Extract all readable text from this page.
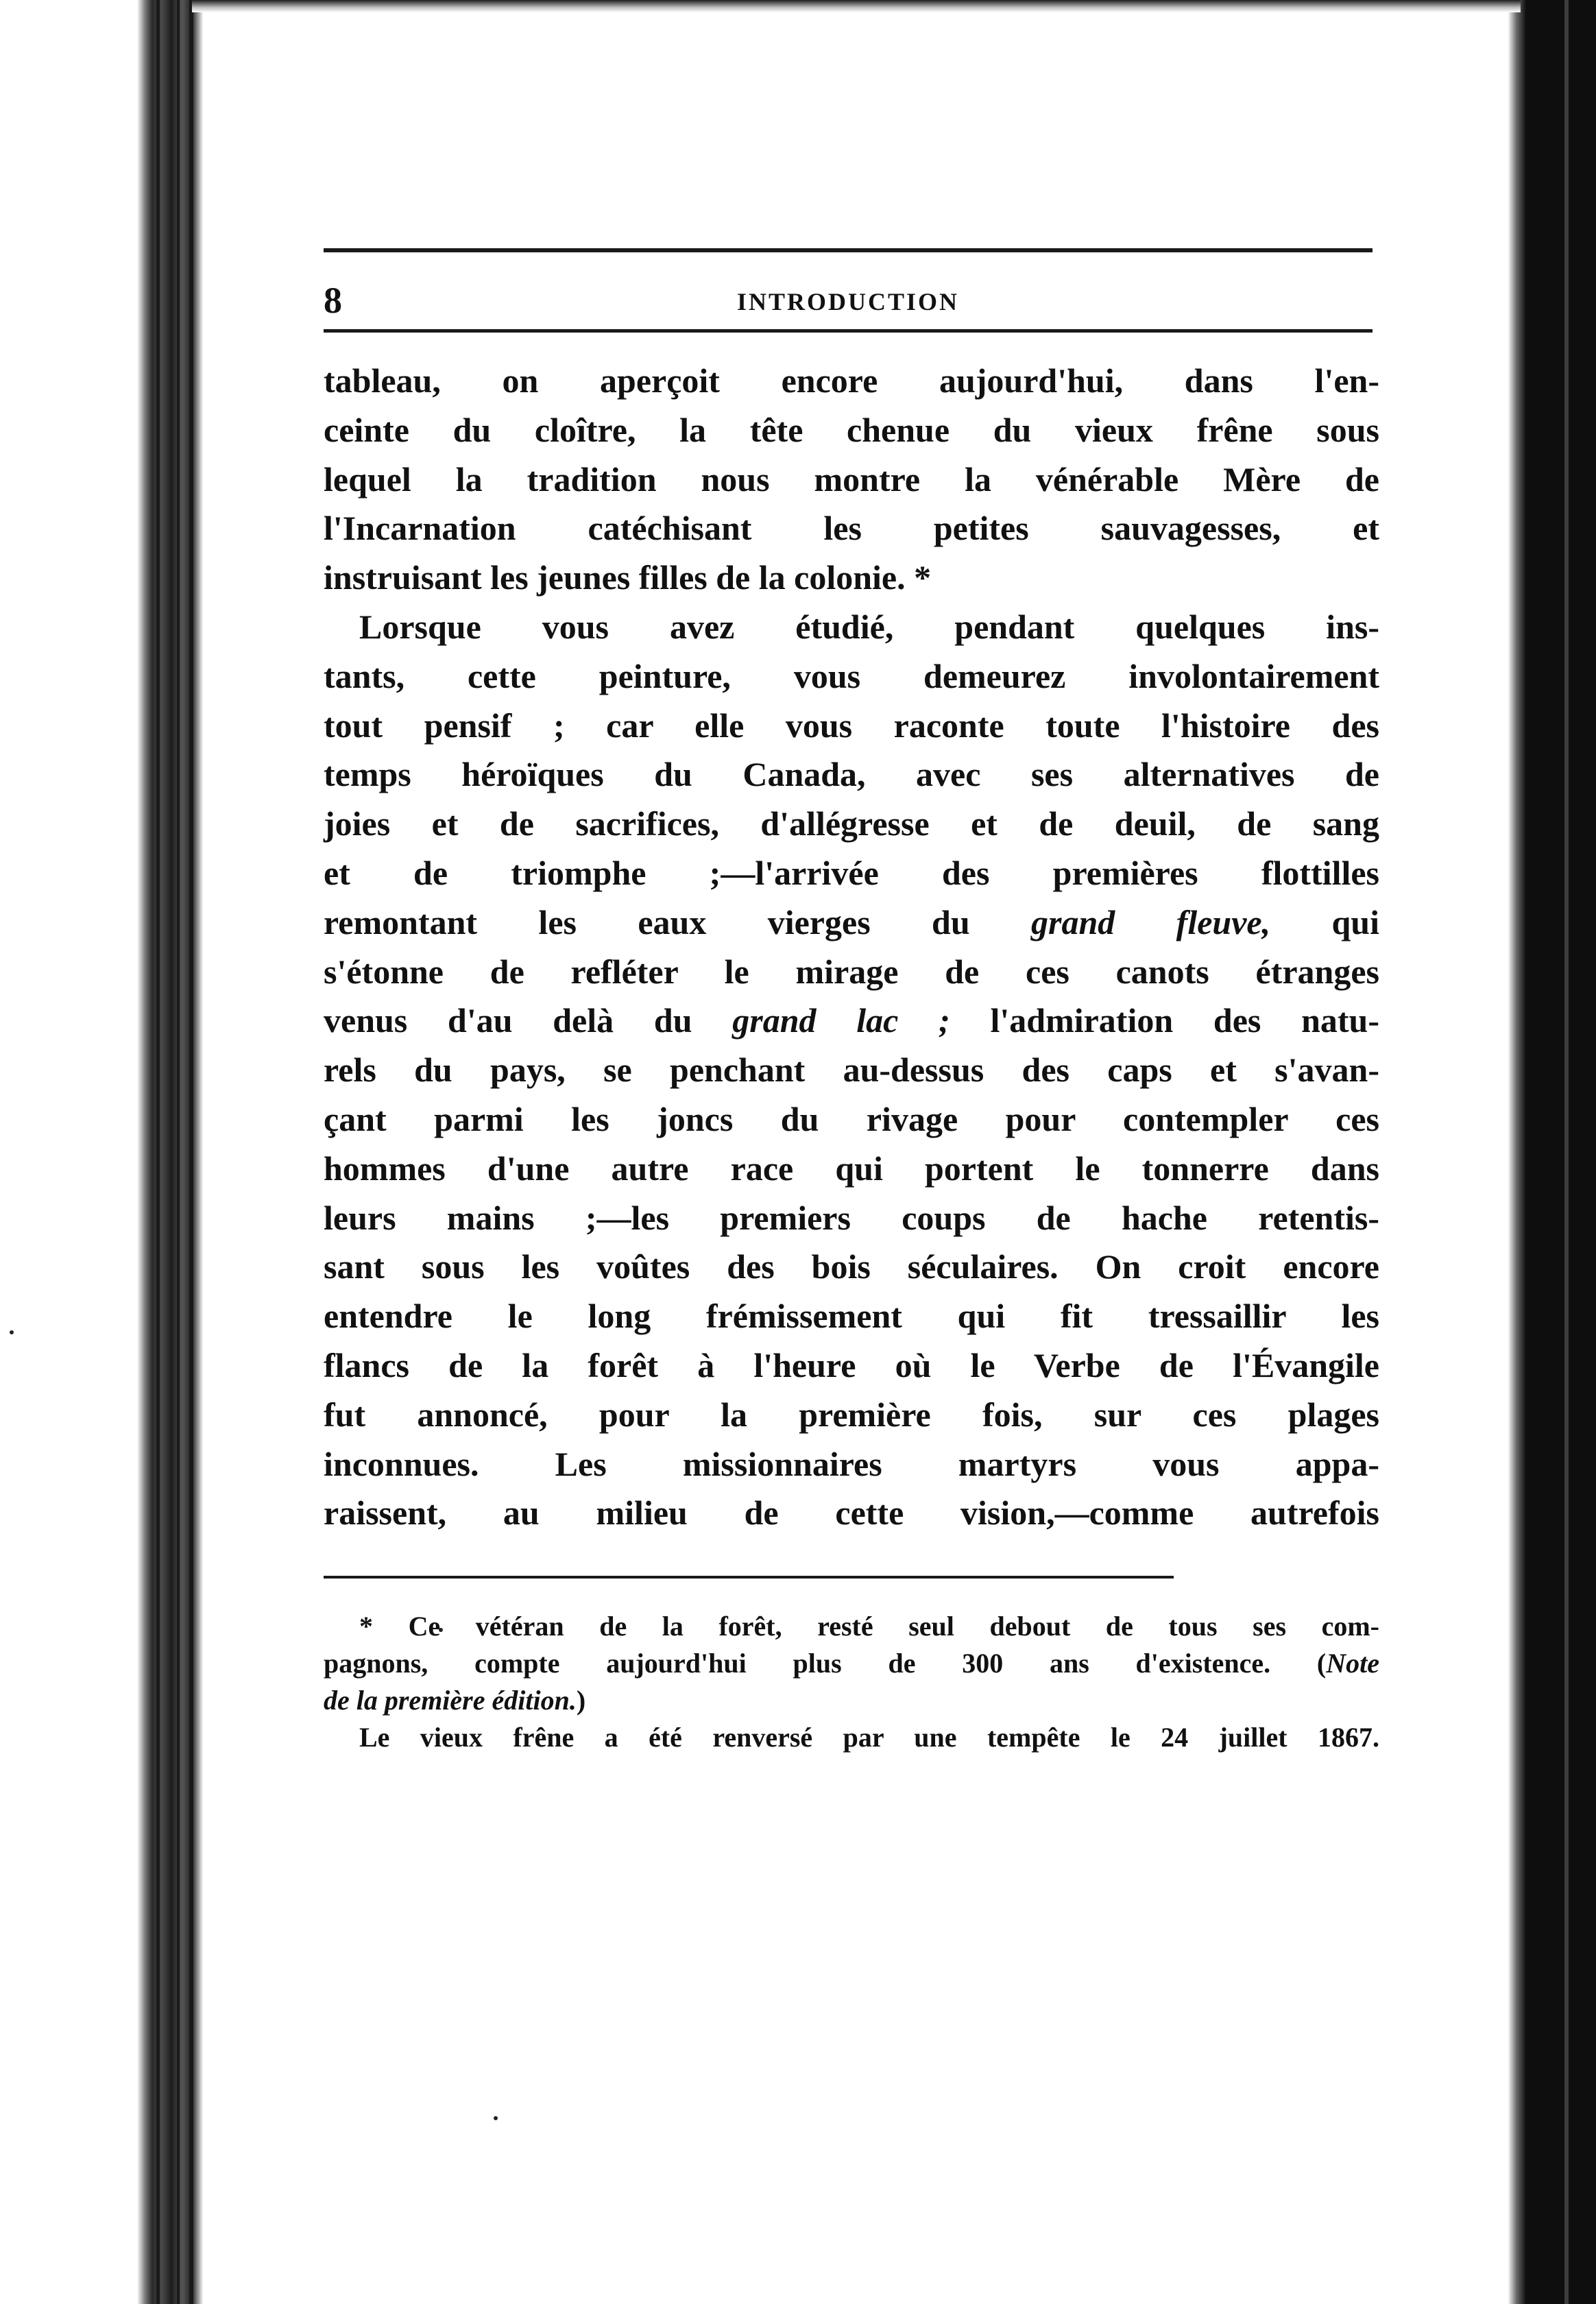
8	INTRODUCTION
tableau, on aperçoit encore aujourd'hui, dans l'en-
ceinte du cloître, la tête chenue du vieux frêne sous
lequel la tradition nous montre la vénérable Mère de
l'Incarnation catéchisant les petites sauvagesses, et
instruisant les jeunes filles de la colonie. *
Lorsque vous avez étudié, pendant quelques ins-
tants, cette peinture, vous demeurez involontairement
tout pensif ; car elle vous raconte toute l'histoire des
temps héroïques du Canada, avec ses alternatives de
joies et de sacrifices, d'allégresse et de deuil, de sang
et de triomphe ;—l'arrivée des premières flottilles
remontant les eaux vierges du grand fleuve, qui
s'étonne de refléter le mirage de ces canots étranges
venus d'au delà du grand lac ; l'admiration des natu-
rels du pays, se penchant au-dessus des caps et s'avan-
çant parmi les joncs du rivage pour contempler ces
hommes d'une autre race qui portent le tonnerre dans
leurs mains ;—les premiers coups de hache retentis-
sant sous les voûtes des bois séculaires. On croit encore
entendre le long frémissement qui fit tressaillir les
flancs de la forêt à l'heure où le Verbe de l'Évangile
fut annoncé, pour la première fois, sur ces plages
inconnues. Les missionnaires martyrs vous appa-
raissent, au milieu de cette vision,—comme autrefois
* Ce vétéran de la forêt, resté seul debout de tous ses com-
pagnons, compte aujourd'hui plus de 300 ans d'existence. (Note
de la première édition.)
Le vieux frêne a été renversé par une tempête le 24 juillet 1867.
